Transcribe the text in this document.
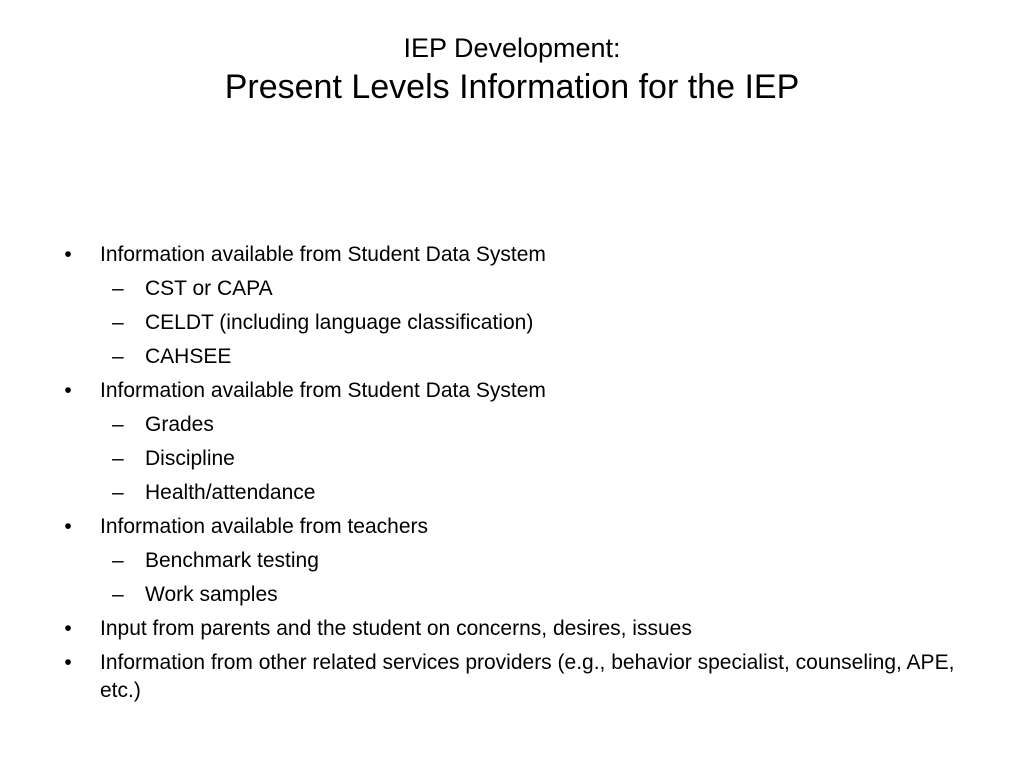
IEP Development:
Present Levels Information for the IEP
•	Information available from Student Data System
– CST or CAPA
– CELDT (including language classification)
– CAHSEE
•	Information available from Student Data System
– Grades
– Discipline
– Health/attendance
•	Information available from teachers
– Benchmark testing
– Work samples
•	Input from parents and the student on concerns, desires, issues
•	Information from other related services providers (e.g., behavior specialist, counseling, APE, etc.)
